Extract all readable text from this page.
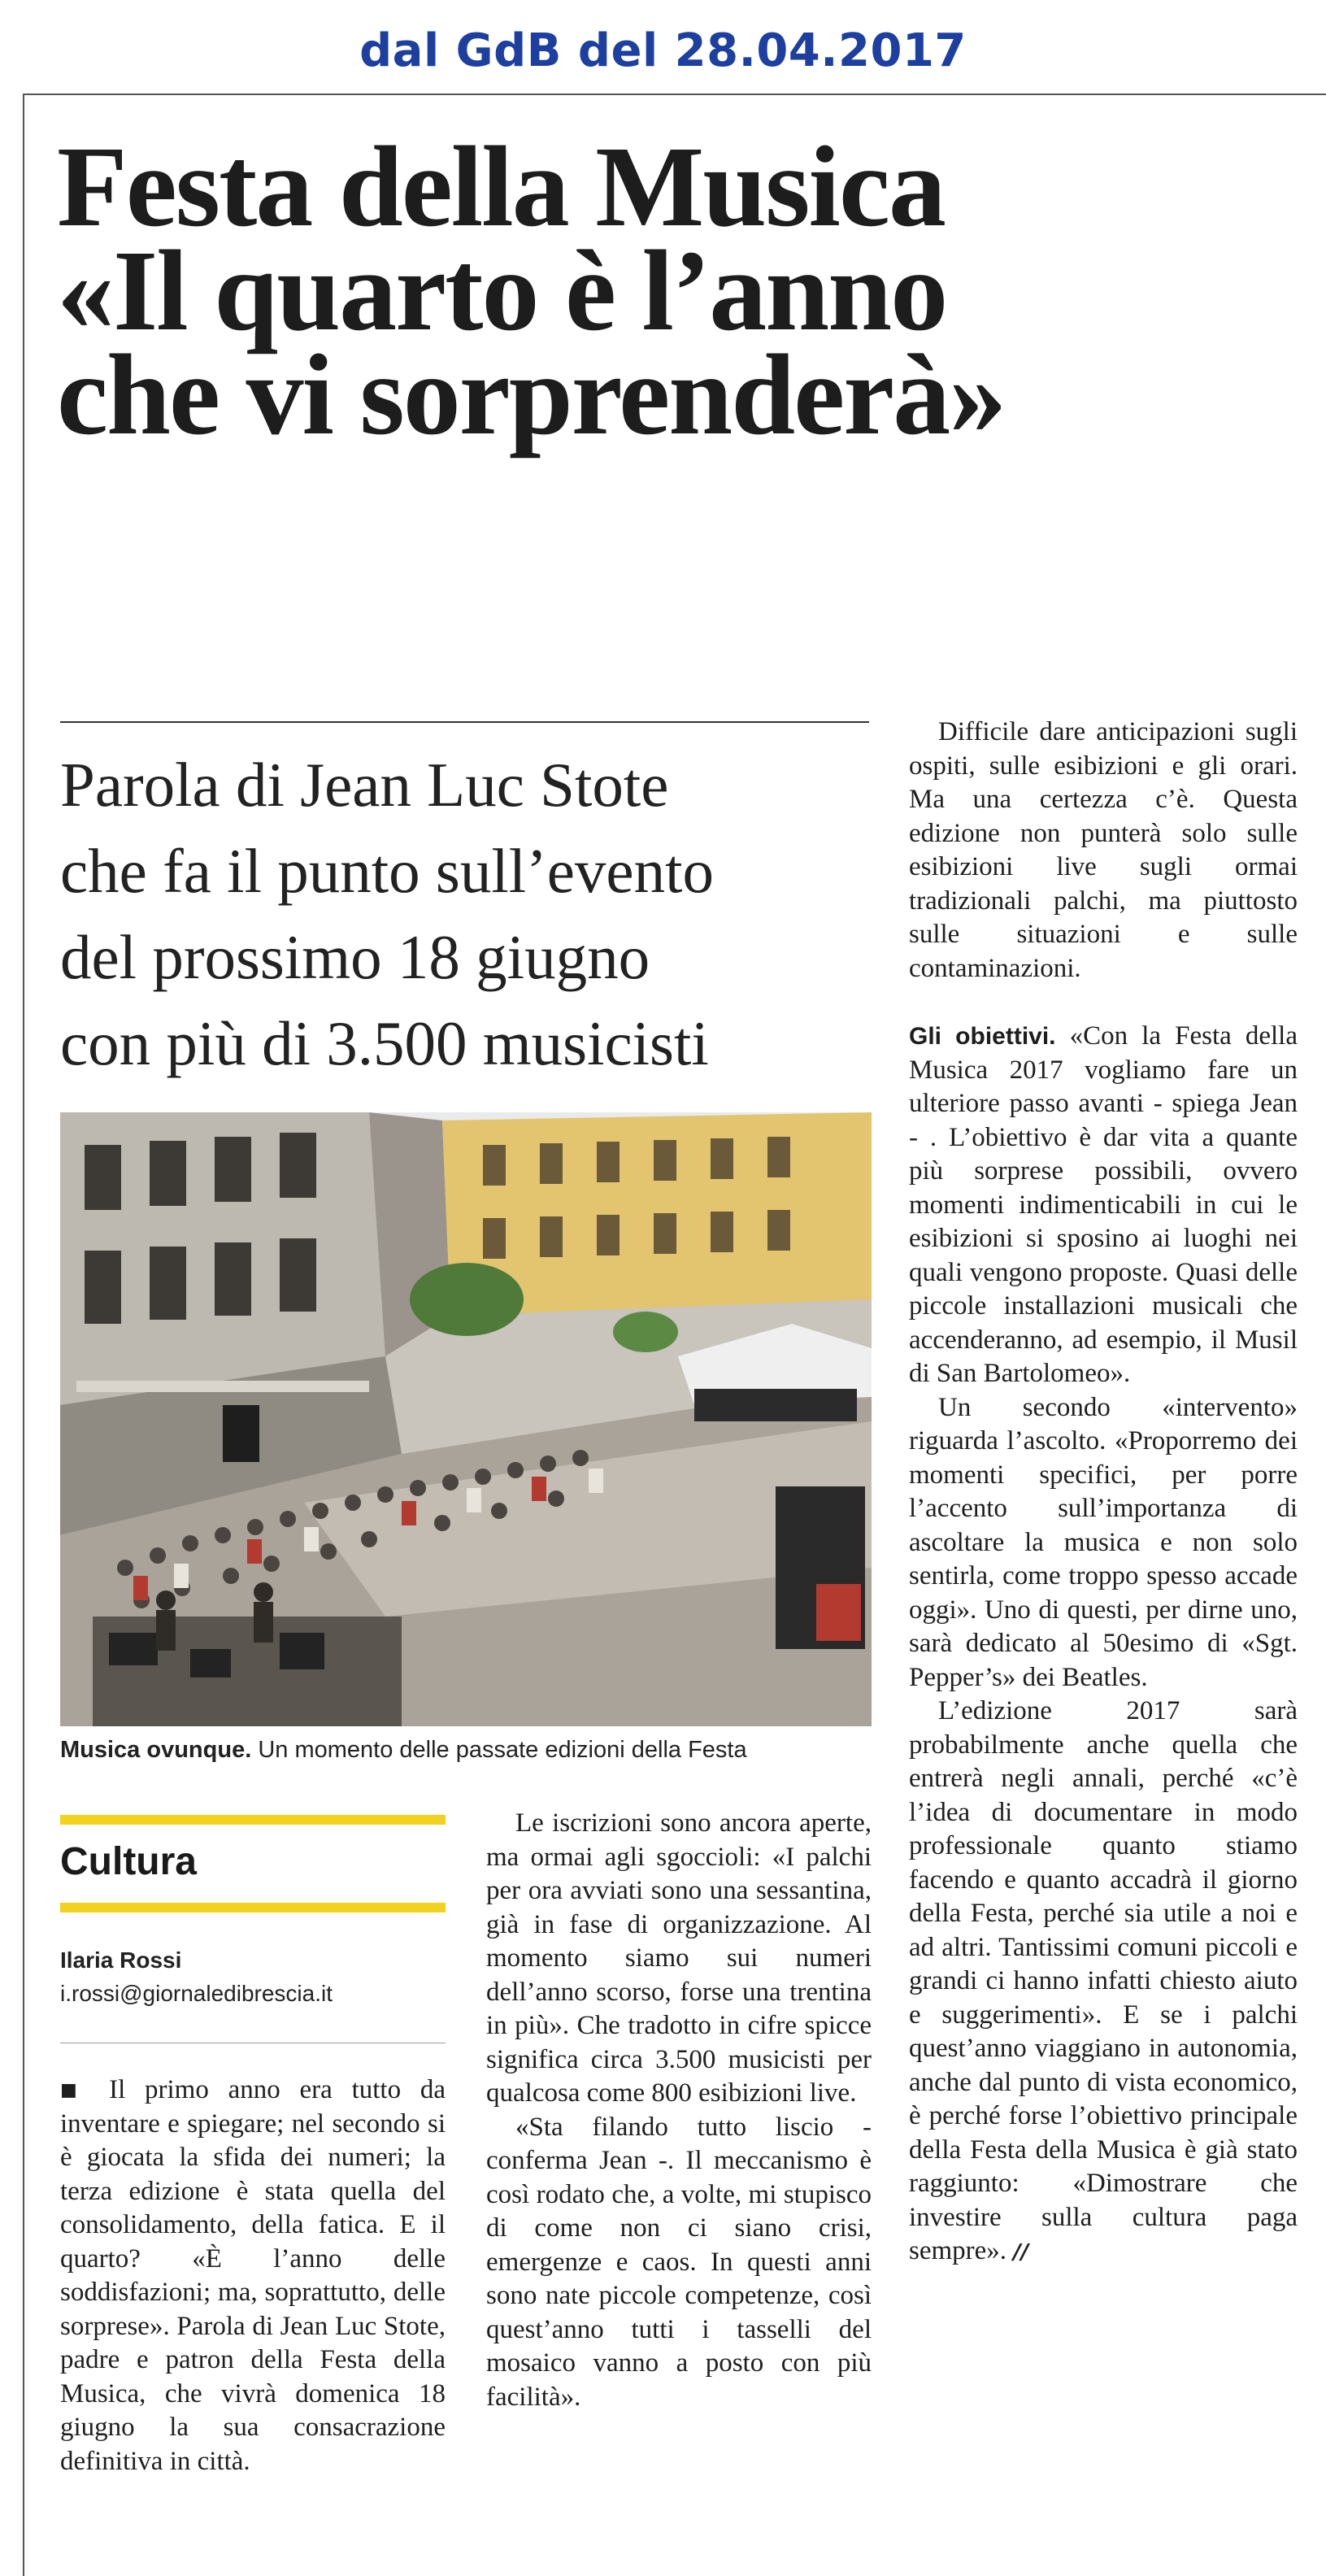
dal GdB del 28.04.2017
Festa della Musica
«Il quarto è l’anno
che vi sorprenderà»
Parola di Jean Luc Stote
che fa il punto sull’evento
del prossimo 18 giugno
con più di 3.500 musicisti
Musica ovunque. Un momento delle passate edizioni della Festa
Cultura
Ilaria Rossi
i.rossi@giornaledibrescia.it

■ Il primo anno era tutto da inventare e spiegare; nel secondo si è giocata la sfida dei numeri; la terza edizione è stata quella del consolidamento, della fatica. E il quarto? «È l’anno delle soddisfazioni; ma, soprattutto, delle sorprese». Parola di Jean Luc Stote, padre e patron della Festa della Musica, che vivrà domenica 18 giugno la sua consacrazione definitiva in città.

Le iscrizioni sono ancora aperte, ma ormai agli sgoccioli: «I palchi per ora avviati sono una sessantina, già in fase di organizzazione. Al momento siamo sui numeri dell’anno scorso, forse una trentina in più». Che tradotto in cifre spicce significa circa 3.500 musicisti per qualcosa come 800 esibizioni live.

«Sta filando tutto liscio - conferma Jean -. Il meccanismo è così rodato che, a volte, mi stupisco di come non ci siano crisi, emergenze e caos. In questi anni sono nate piccole competenze, così quest’anno tutti i tasselli del mosaico vanno a posto con più facilità».

Difficile dare anticipazioni sugli ospiti, sulle esibizioni e gli orari. Ma una certezza c’è. Questa edizione non punterà solo sulle esibizioni live sugli ormai tradizionali palchi, ma piuttosto sulle situazioni e sulle contaminazioni.

Gli obiettivi. «Con la Festa della Musica 2017 vogliamo fare un ulteriore passo avanti - spiega Jean - . L’obiettivo è dar vita a quante più sorprese possibili, ovvero momenti indimenticabili in cui le esibizioni si sposino ai luoghi nei quali vengono proposte. Quasi delle piccole installazioni musicali che accenderanno, ad esempio, il Musil di San Bartolomeo».

Un secondo «intervento» riguarda l’ascolto. «Proporremo dei momenti specifici, per porre l’accento sull’importanza di ascoltare la musica e non solo sentirla, come troppo spesso accade oggi». Uno di questi, per dirne uno, sarà dedicato al 50esimo di «Sgt. Pepper’s» dei Beatles.

L’edizione 2017 sarà probabilmente anche quella che entrerà negli annali, perché «c’è l’idea di documentare in modo professionale quanto stiamo facendo e quanto accadrà il giorno della Festa, perché sia utile a noi e ad altri. Tantissimi comuni piccoli e grandi ci hanno infatti chiesto aiuto e suggerimenti». E se i palchi quest’anno viaggiano in autonomia, anche dal punto di vista economico, è perché forse l’obiettivo principale della Festa della Musica è già stato raggiunto: «Dimostrare che investire sulla cultura paga sempre». //
